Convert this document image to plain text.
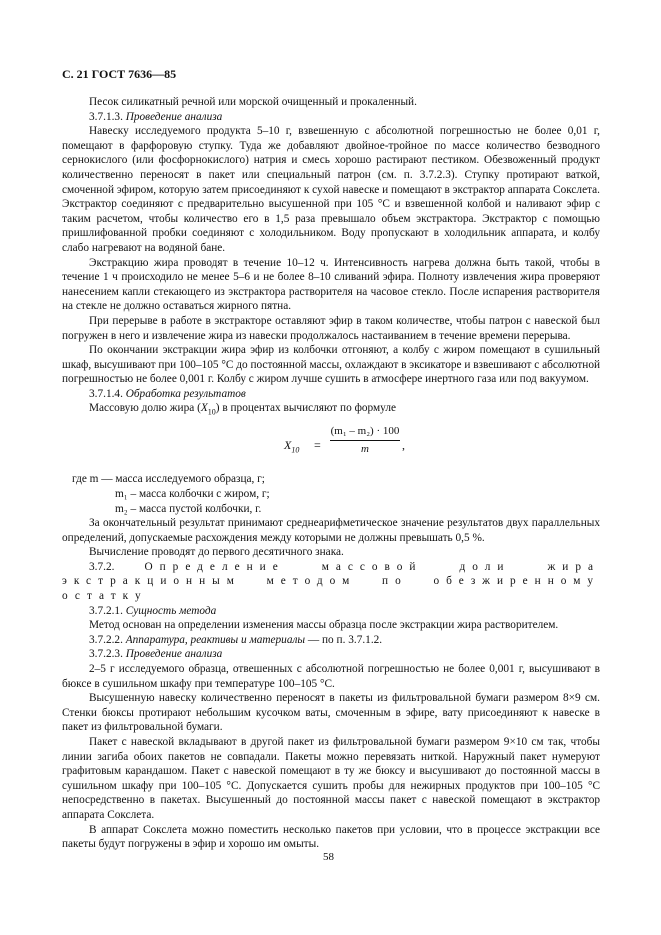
С. 21 ГОСТ 7636—85

Песок силикатный речной или морской очищенный и прокаленный.

3.7.1.3. Проведение анализа

Навеску исследуемого продукта 5–10 г, взвешенную с абсолютной погрешностью не более 0,01 г, помещают в фарфоровую ступку. Туда же добавляют двойное-тройное по массе количество безводного сернокислого (или фосфорнокислого) натрия и смесь хорошо растирают пестиком. Обезвоженный продукт количественно переносят в пакет или специальный патрон (см. п. 3.7.2.3). Ступку протирают ваткой, смоченной эфиром, которую затем присоединяют к сухой навеске и помещают в экстрактор аппарата Сокслета. Экстрактор соединяют с предварительно высушенной при 105 °С и взвешенной колбой и наливают эфир с таким расчетом, чтобы количество его в 1,5 раза превышало объем экстрактора. Экстрактор с помощью пришлифованной пробки соединяют с холодильником. Воду пропускают в холодильник аппарата, и колбу слабо нагревают на водяной бане.

Экстракцию жира проводят в течение 10–12 ч. Интенсивность нагрева должна быть такой, чтобы в течение 1 ч происходило не менее 5–6 и не более 8–10 сливаний эфира. Полноту извлечения жира проверяют нанесением капли стекающего из экстрактора растворителя на часовое стекло. После испарения растворителя на стекле не должно оставаться жирного пятна.

При перерыве в работе в экстракторе оставляют эфир в таком количестве, чтобы патрон с навеской был погружен в него и извлечение жира из навески продолжалось настаиванием в течение времени перерыва.

По окончании экстракции жира эфир из колбочки отгоняют, а колбу с жиром помещают в сушильный шкаф, высушивают при 100–105 °С до постоянной массы, охлаждают в эксикаторе и взвешивают с абсолютной погрешностью не более 0,001 г. Колбу с жиром лучше сушить в атмосфере инертного газа или под вакуумом.

3.7.1.4. Обработка результатов

Массовую долю жира $(X_{10})$ в процентах вычисляют по формуле

$X_{10} = \frac{\text{(m₁ – m₂) · 100}}{m}$ ,
где m — масса исследуемого образца, г;
m₁ – масса колбочки с жиром, г;
m₂ – масса пустой колбочки, г.

За окончательный результат принимают среднеарифметическое значение результатов двух параллельных определений, допускаемые расхождения между которыми не должны превышать 0,5 %.

Вычисление проводят до первого десятичного знака.

3.7.2.	Определение массовой доли жира экстракционным методом по обезжиренному остатку

3.7.2.1. Сущность метода

Метод основан на определении изменения массы образца после экстракции жира растворителем.

3.7.2.2. Аппаратура, реактивы и материалы — по п. 3.7.1.2.

3.7.2.3. Проведение анализа

2–5 г исследуемого образца, отвешенных с абсолютной погрешностью не более 0,001 г, высушивают в бюксе в сушильном шкафу при температуре 100–105 °С.

Высушенную навеску количественно переносят в пакеты из фильтровальной бумаги размером 8×9 см. Стенки бюксы протирают небольшим кусочком ваты, смоченным в эфире, вату присоединяют к навеске в пакет из фильтровальной бумаги.

Пакет с навеской вкладывают в другой пакет из фильтровальной бумаги размером 9×10 см так, чтобы линии загиба обоих пакетов не совпадали. Пакеты можно перевязать ниткой. Наружный пакет нумеруют графитовым карандашом. Пакет с навеской помещают в ту же бюксу и высушивают до постоянной массы в сушильном шкафу при 100–105 °С. Допускается сушить пробы для нежирных продуктов при 100–105 °С непосредственно в пакетах. Высушенный до постоянной массы пакет с навеской помещают в экстрактор аппарата Сокслета.

В аппарат Сокслета можно поместить несколько пакетов при условии, что в процессе экстракции все пакеты будут погружены в эфир и хорошо им омыты.

58
